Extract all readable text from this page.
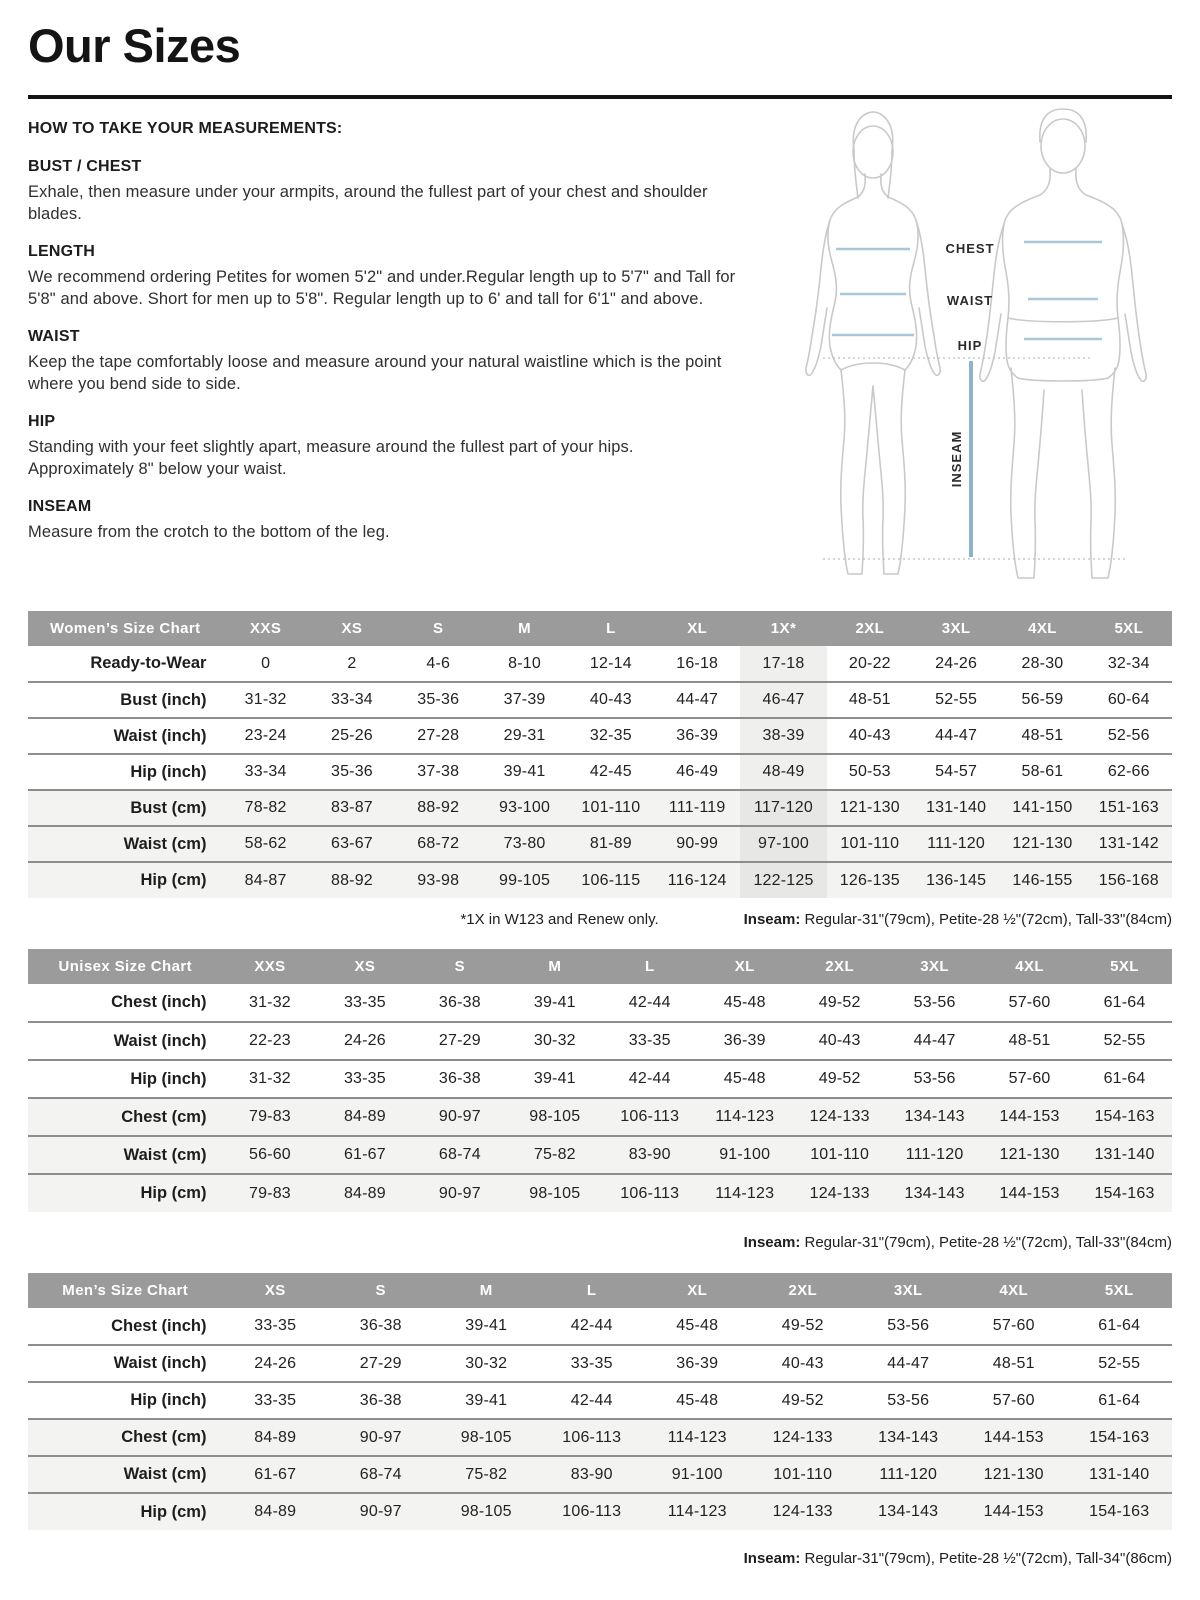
Our Sizes

HOW TO TAKE YOUR MEASUREMENTS:

BUST / CHEST

Exhale, then measure under your armpits, around the fullest part of your chest and shoulder blades.

LENGTH

We recommend ordering Petites for women 5'2" and under.Regular length up to 5'7" and Tall for 5'8" and above. Short for men up to 5'8". Regular length up to 6' and tall for 6'1" and above.

WAIST

Keep the tape comfortably loose and measure around your natural waistline which is the point where you bend side to side.

HIP

Standing with your feet slightly apart, measure around the fullest part of your hips. Approximately 8" below your waist.

INSEAM

Measure from the crotch to the bottom of the leg.

CHEST
WAIST
HIP
INSEAM
Women’s Size Chart	XXS	XS	S	M	L	XL	1X*	2XL	3XL	4XL	5XL
Ready-to-Wear	0	2	4-6	8-10	12-14	16-18	17-18	20-22	24-26	28-30	32-34
Bust (inch)	31-32	33-34	35-36	37-39	40-43	44-47	46-47	48-51	52-55	56-59	60-64
Waist (inch)	23-24	25-26	27-28	29-31	32-35	36-39	38-39	40-43	44-47	48-51	52-56
Hip (inch)	33-34	35-36	37-38	39-41	42-45	46-49	48-49	50-53	54-57	58-61	62-66
Bust (cm)	78-82	83-87	88-92	93-100	101-110	111-119	117-120	121-130	131-140	141-150	151-163
Waist (cm)	58-62	63-67	68-72	73-80	81-89	90-99	97-100	101-110	111-120	121-130	131-142
Hip (cm)	84-87	88-92	93-98	99-105	106-115	116-124	122-125	126-135	136-145	146-155	156-168
*1X in W123 and Renew only.	Inseam: Regular-31"(79cm), Petite-28 ½"(72cm), Tall-33"(84cm)
Unisex Size Chart	XXS	XS	S	M	L	XL	2XL	3XL	4XL	5XL
Chest (inch)	31-32	33-35	36-38	39-41	42-44	45-48	49-52	53-56	57-60	61-64
Waist (inch)	22-23	24-26	27-29	30-32	33-35	36-39	40-43	44-47	48-51	52-55
Hip (inch)	31-32	33-35	36-38	39-41	42-44	45-48	49-52	53-56	57-60	61-64
Chest (cm)	79-83	84-89	90-97	98-105	106-113	114-123	124-133	134-143	144-153	154-163
Waist (cm)	56-60	61-67	68-74	75-82	83-90	91-100	101-110	111-120	121-130	131-140
Hip (cm)	79-83	84-89	90-97	98-105	106-113	114-123	124-133	134-143	144-153	154-163
Inseam: Regular-31"(79cm), Petite-28 ½"(72cm), Tall-33"(84cm)
Men’s Size Chart	XS	S	M	L	XL	2XL	3XL	4XL	5XL
Chest (inch)	33-35	36-38	39-41	42-44	45-48	49-52	53-56	57-60	61-64
Waist (inch)	24-26	27-29	30-32	33-35	36-39	40-43	44-47	48-51	52-55
Hip (inch)	33-35	36-38	39-41	42-44	45-48	49-52	53-56	57-60	61-64
Chest (cm)	84-89	90-97	98-105	106-113	114-123	124-133	134-143	144-153	154-163
Waist (cm)	61-67	68-74	75-82	83-90	91-100	101-110	111-120	121-130	131-140
Hip (cm)	84-89	90-97	98-105	106-113	114-123	124-133	134-143	144-153	154-163
Inseam: Regular-31"(79cm), Petite-28 ½"(72cm), Tall-34"(86cm)
